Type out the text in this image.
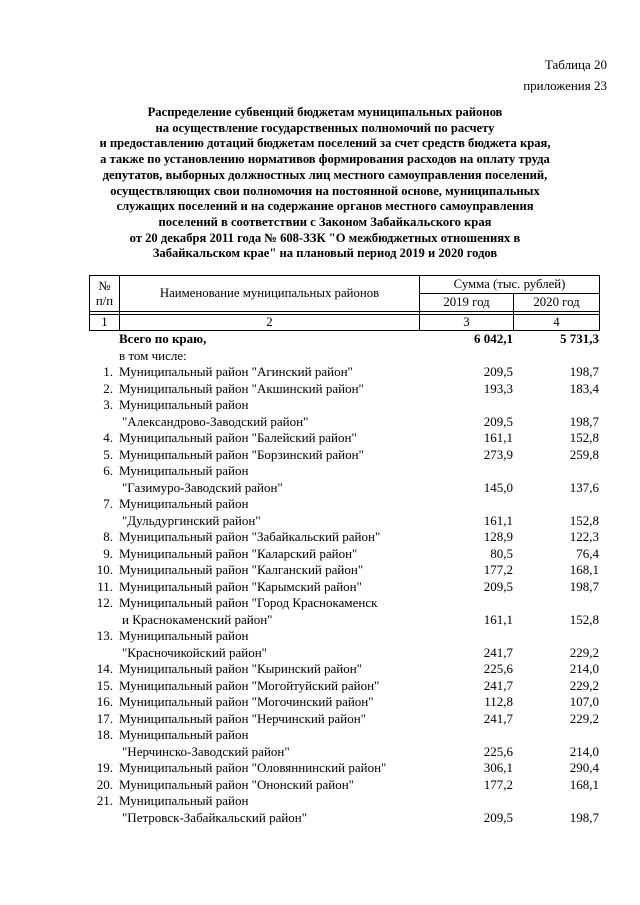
Таблица 20
приложения 23
Распределение субвенций бюджетам муниципальных районов
на осуществление государственных полномочий по расчету
и предоставлению дотаций бюджетам поселений за счет средств бюджета края,
а также по установлению нормативов формирования расходов на оплату труда
депутатов, выборных должностных лиц местного самоуправления поселений,
осуществляющих свои полномочия на постоянной основе, муниципальных
служащих поселений и на содержание органов местного самоуправления
поселений в соответствии с Законом Забайкальского края
от 20 декабря 2011 года № 608-ЗЗК "О межбюджетных отношениях в
Забайкальском крае" на плановый период 2019 и 2020 годов
№
п/п	Наименование муниципальных районов	Сумма (тыс. рублей)	
		2019 год	2020 год

1	2	3	4
Всего по краю,	6 042,1	5 731,3
в том числе:
1. Муниципальный район "Агинский район"	209,5	198,7
2. Муниципальный район "Акшинский район"	193,3	183,4
3. Муниципальный район
"Александрово-Заводский район"	209,5	198,7
4. Муниципальный район "Балейский район"	161,1	152,8
5. Муниципальный район "Борзинский район"	273,9	259,8
6. Муниципальный район
"Газимуро-Заводский район"	145,0	137,6
7. Муниципальный район
"Дульдургинский район"	161,1	152,8
8. Муниципальный район "Забайкальский район"	128,9	122,3
9. Муниципальный район "Каларский район"	80,5	76,4
10. Муниципальный район "Калганский район"	177,2	168,1
11. Муниципальный район "Карымский район"	209,5	198,7
12. Муниципальный район "Город Краснокаменск
и Краснокаменский район"	161,1	152,8
13. Муниципальный район
"Красночикойский район"	241,7	229,2
14. Муниципальный район "Кыринский район"	225,6	214,0
15. Муниципальный район "Могойтуйский район"	241,7	229,2
16. Муниципальный район "Могочинский район"	112,8	107,0
17. Муниципальный район "Нерчинский район"	241,7	229,2
18. Муниципальный район
"Нерчинско-Заводский район"	225,6	214,0
19. Муниципальный район "Оловяннинский район"	306,1	290,4
20. Муниципальный район "Ононский район"	177,2	168,1
21. Муниципальный район
"Петровск-Забайкальский район"	209,5	198,7
